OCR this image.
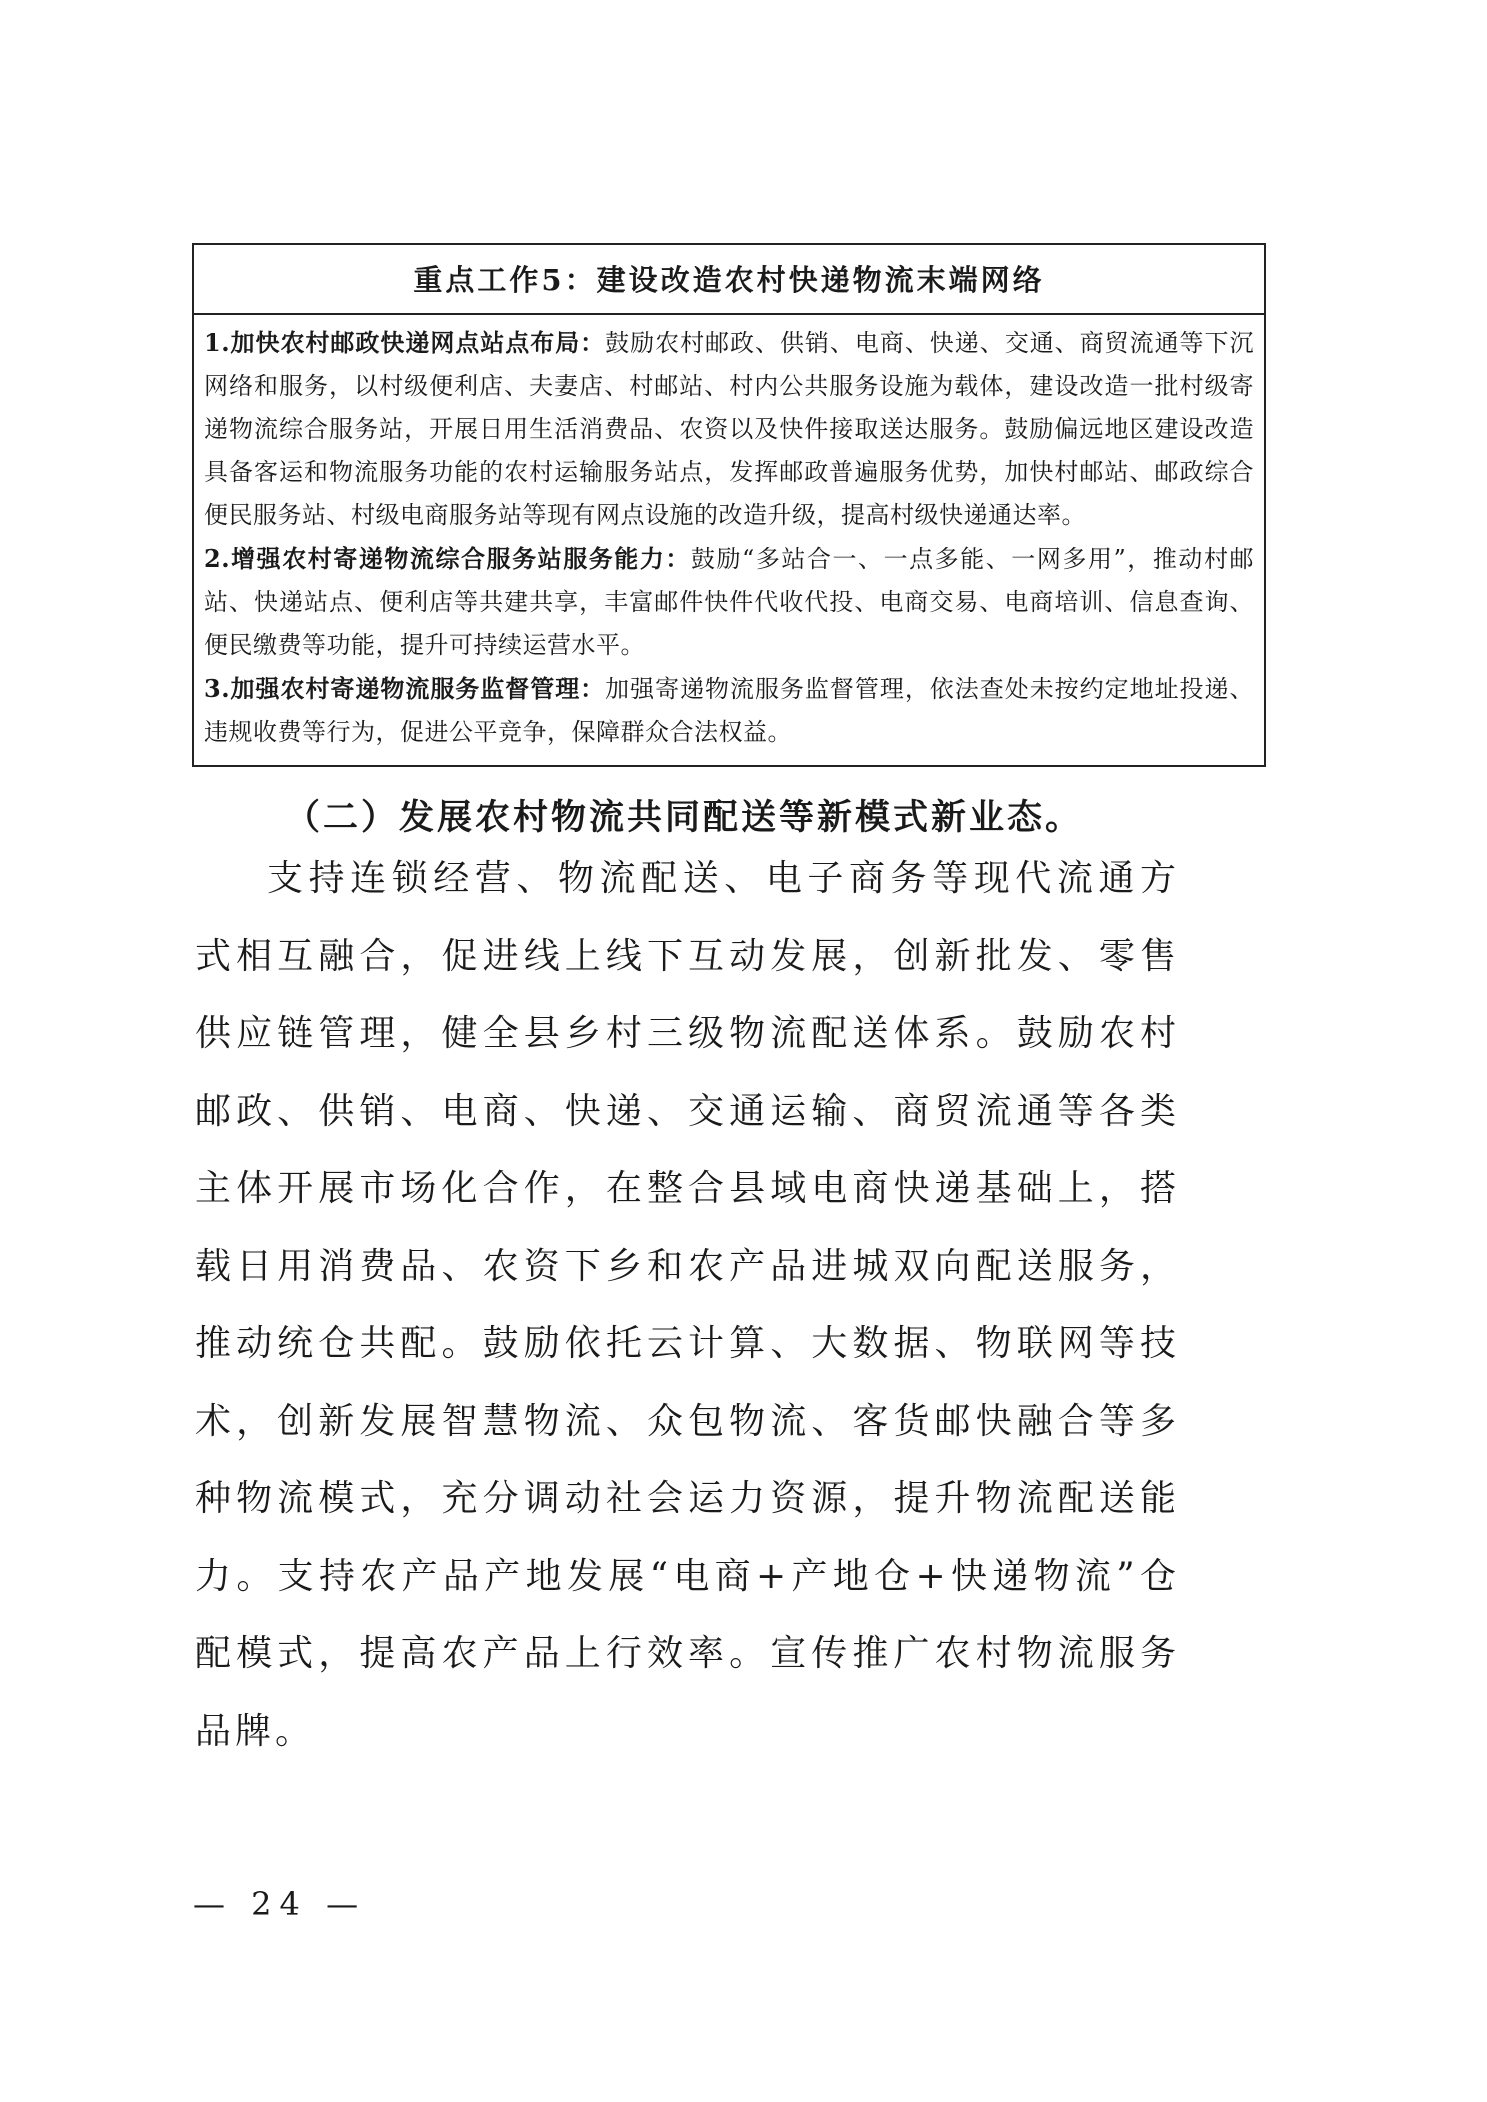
重点工作5：建设改造农村快递物流末端网络

1.加快农村邮政快递网点站点布局：鼓励农村邮政、供销、电商、快递、交通、商贸流通等下沉网络和服务，以村级便利店、夫妻店、村邮站、村内公共服务设施为载体，建设改造一批村级寄递物流综合服务站，开展日用生活消费品、农资以及快件接取送达服务。鼓励偏远地区建设改造具备客运和物流服务功能的农村运输服务站点，发挥邮政普遍服务优势，加快村邮站、邮政综合便民服务站、村级电商服务站等现有网点设施的改造升级，提高村级快递通达率。

2.增强农村寄递物流综合服务站服务能力：鼓励“多站合一、一点多能、一网多用”，推动村邮站、快递站点、便利店等共建共享，丰富邮件快件代收代投、电商交易、电商培训、信息查询、便民缴费等功能，提升可持续运营水平。

3.加强农村寄递物流服务监督管理：加强寄递物流服务监督管理，依法查处未按约定地址投递、违规收费等行为，促进公平竞争，保障群众合法权益。

（二）发展农村物流共同配送等新模式新业态。

支持连锁经营、物流配送、电子商务等现代流通方式相互融合，促进线上线下互动发展，创新批发、零售供应链管理，健全县乡村三级物流配送体系。鼓励农村邮政、供销、电商、快递、交通运输、商贸流通等各类主体开展市场化合作，在整合县域电商快递基础上，搭载日用消费品、农资下乡和农产品进城双向配送服务，推动统仓共配。鼓励依托云计算、大数据、物联网等技术，创新发展智慧物流、众包物流、客货邮快融合等多种物流模式，充分调动社会运力资源，提升物流配送能力。支持农产品产地发展“电商+产地仓+快递物流”仓配模式，提高农产品上行效率。宣传推广农村物流服务品牌。

— 24 —
